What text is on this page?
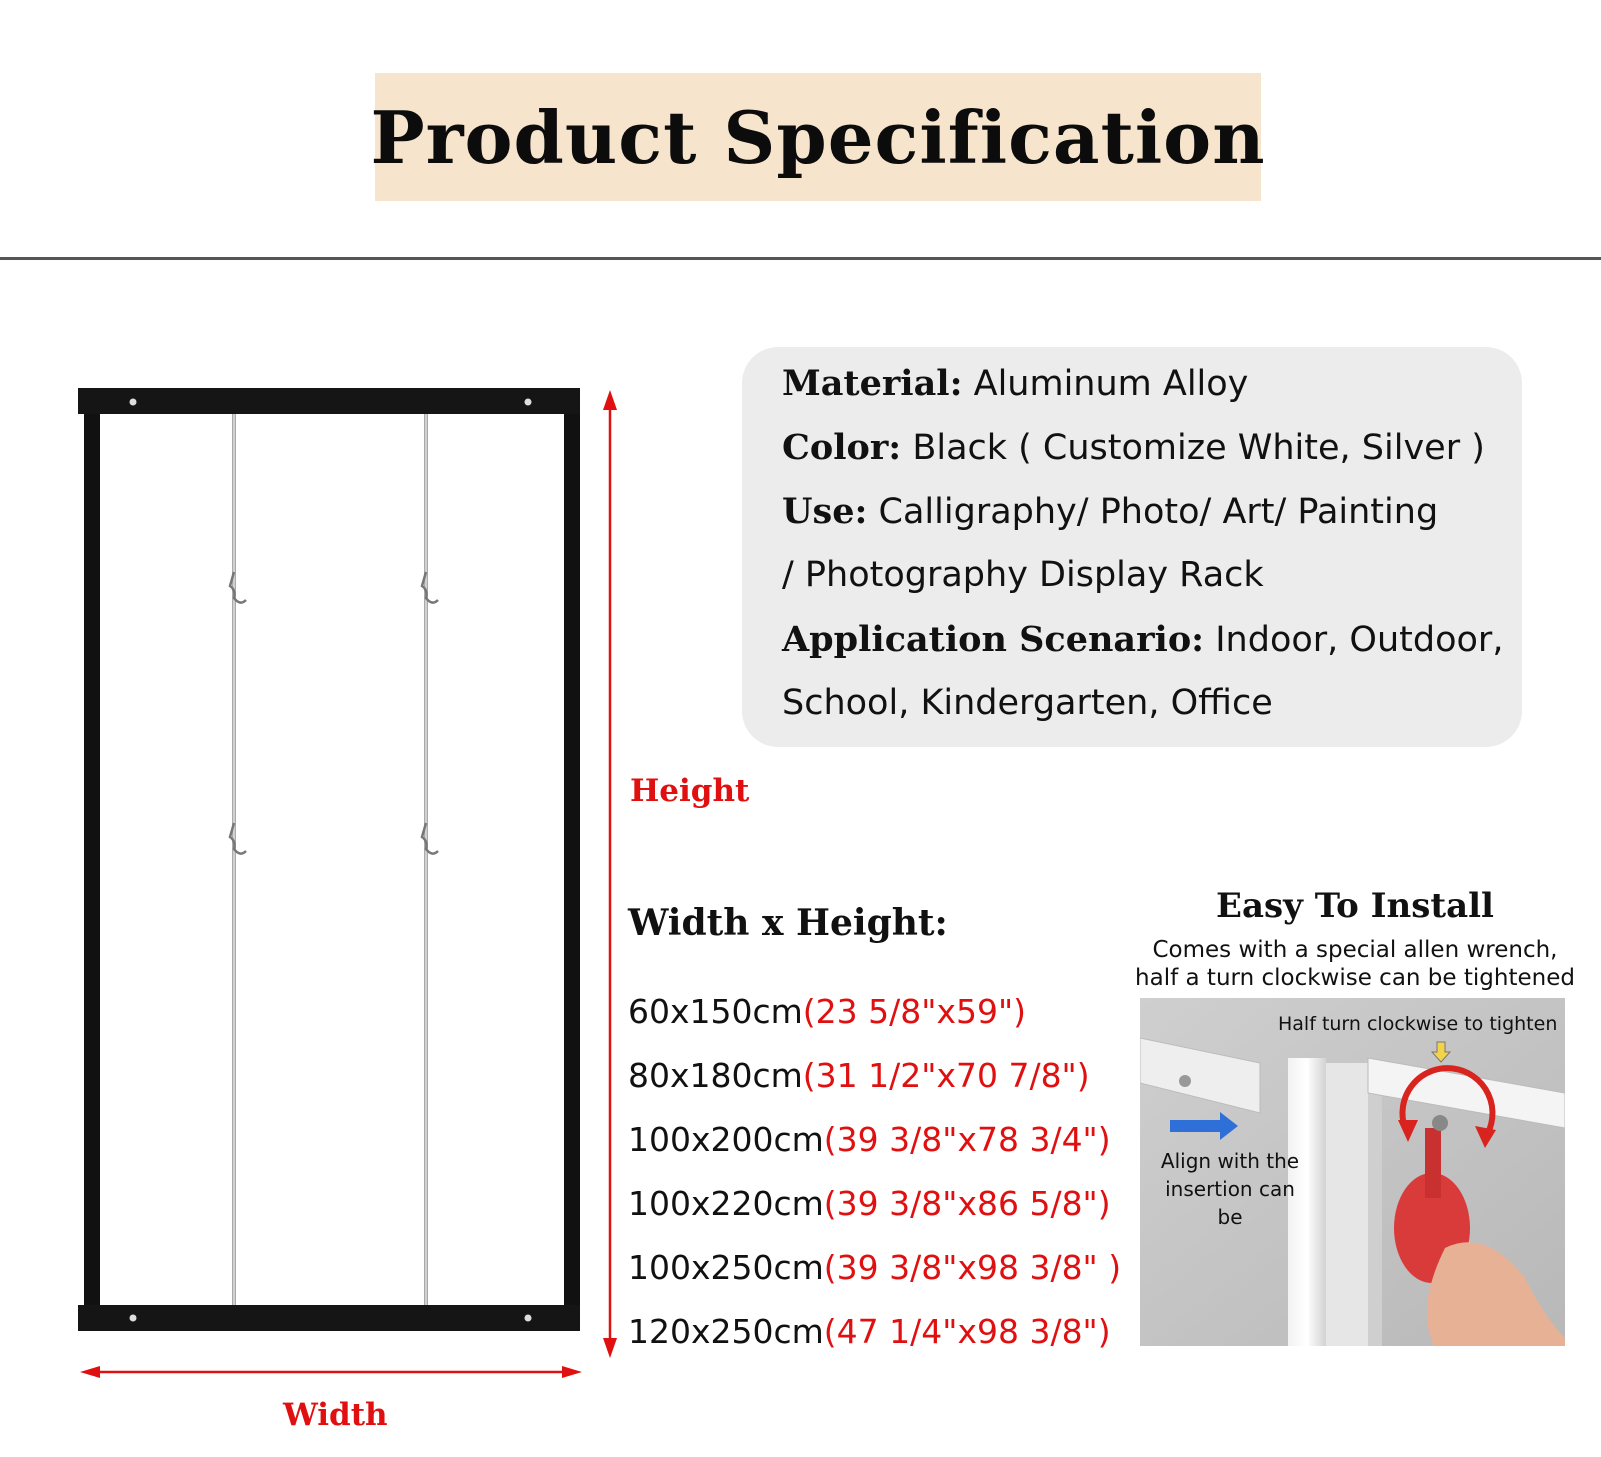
Product Specification
Height
Width
Material: Aluminum Alloy
Color: Black ( Customize White, Silver )
Use: Calligraphy/ Photo/ Art/ Painting
/ Photography Display Rack
Application Scenario: Indoor, Outdoor,
School, Kindergarten, Office
Width x Height:
60x150cm(23 5/8"x59")
80x180cm(31 1/2"x70 7/8")
100x200cm(39 3/8"x78 3/4")
100x220cm(39 3/8"x86 5/8")
100x250cm(39 3/8"x98 3/8" )
120x250cm(47 1/4"x98 3/8")
Easy To Install
Comes with a special allen wrench,
half a turn clockwise can be tightened
Half turn clockwise to tighten
Align with the insertion can be
